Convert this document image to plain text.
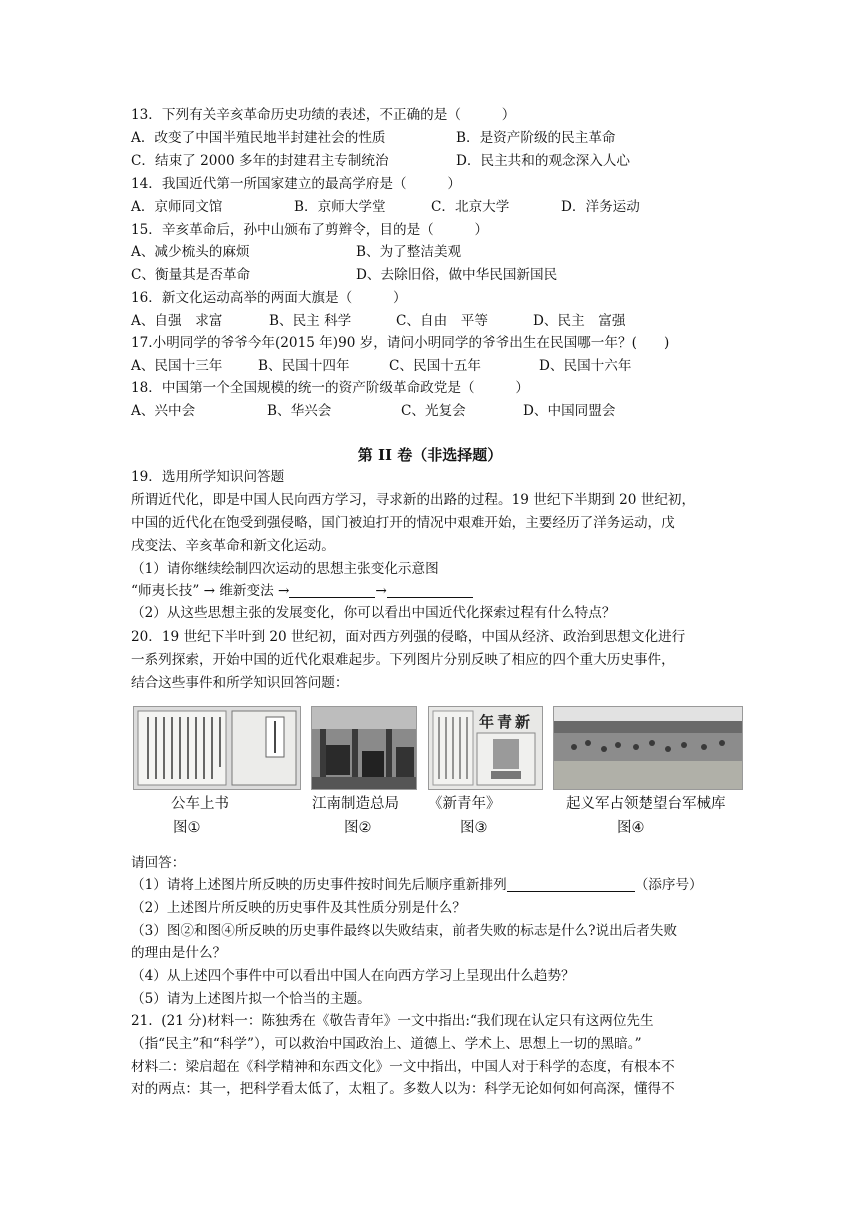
13．下列有关辛亥革命历史功绩的表述，不正确的是（　　　）

A．改变了中国半殖民地半封建社会的性质

	B．是资产阶级的民主革命

C．结束了 2000 多年的封建君主专制统治

	D．民主共和的观念深入人心

14．我国近代第一所国家建立的最高学府是（　　　）

A．京师同文馆

	B．京师大学堂

	C．北京大学

	D．洋务运动

15．辛亥革命后，孙中山颁布了剪辫令，目的是（　　　）

A、减少梳头的麻烦

	B、为了整洁美观

C、衡量其是否革命

	D、去除旧俗，做中华民国新国民

16．新文化运动高举的两面大旗是（　　　）

A、自强　求富

	B、民主 科学

	C、自由　平等

	D、民主　富强

17.小明同学的爷爷今年(2015 年)90 岁，请问小明同学的爷爷出生在民国哪一年？(　　)

A、民国十三年

	B、民国十四年

	C、民国十五年

	D、民国十六年

18．中国第一个全国规模的统一的资产阶级革命政党是（　　　）

A、兴中会

	B、华兴会

	C、光复会

	D、中国同盟会

第 II 卷（非选择题）
19．选用所学知识问答题
所谓近代化，即是中国人民向西方学习，寻求新的出路的过程。19 世纪下半期到 20 世纪初，
中国的近代化在饱受到强侵略，国门被迫打开的情况中艰难开始，主要经历了洋务运动，戊
戌变法、辛亥革命和新文化运动。
（1）请你继续绘制四次运动的思想主张变化示意图
“师夷长技” → 维新变法 →	→
（2）从这些思想主张的发展变化，你可以看出中国近代化探索过程有什么特点？
20．19 世纪下半叶到 20 世纪初，面对西方列强的侵略，中国从经济、政治到思想文化进行
一系列探索，开始中国的近代化艰难起步。下列图片分别反映了相应的四个重大历史事件，
结合这些事件和所学知识回答问题：
年青新
公车上书
图①
江南制造总局
图②
《新青年》
图③
起义军占领楚望台军械库
图④
请回答：
（1）请将上述图片所反映的历史事件按时间先后顺序重新排列	（添序号）
（2）上述图片所反映的历史事件及其性质分别是什么？
（3）图②和图④所反映的历史事件最终以失败结束，前者失败的标志是什么?说出后者失败
的理由是什么？
（4）从上述四个事件中可以看出中国人在向西方学习上呈现出什么趋势？
（5）请为上述图片拟一个恰当的主题。
21.  (21 分)材料一：陈独秀在《敬告青年》一文中指出:“我们现在认定只有这两位先生
（指“民主”和“科学”），可以救治中国政治上、道德上、学术上、思想上一切的黑暗。”
材料二：梁启超在《科学精神和东西文化》一文中指出，中国人对于科学的态度，有根本不
对的两点：其一，把科学看太低了，太粗了。多数人以为：科学无论如何如何高深，懂得不
